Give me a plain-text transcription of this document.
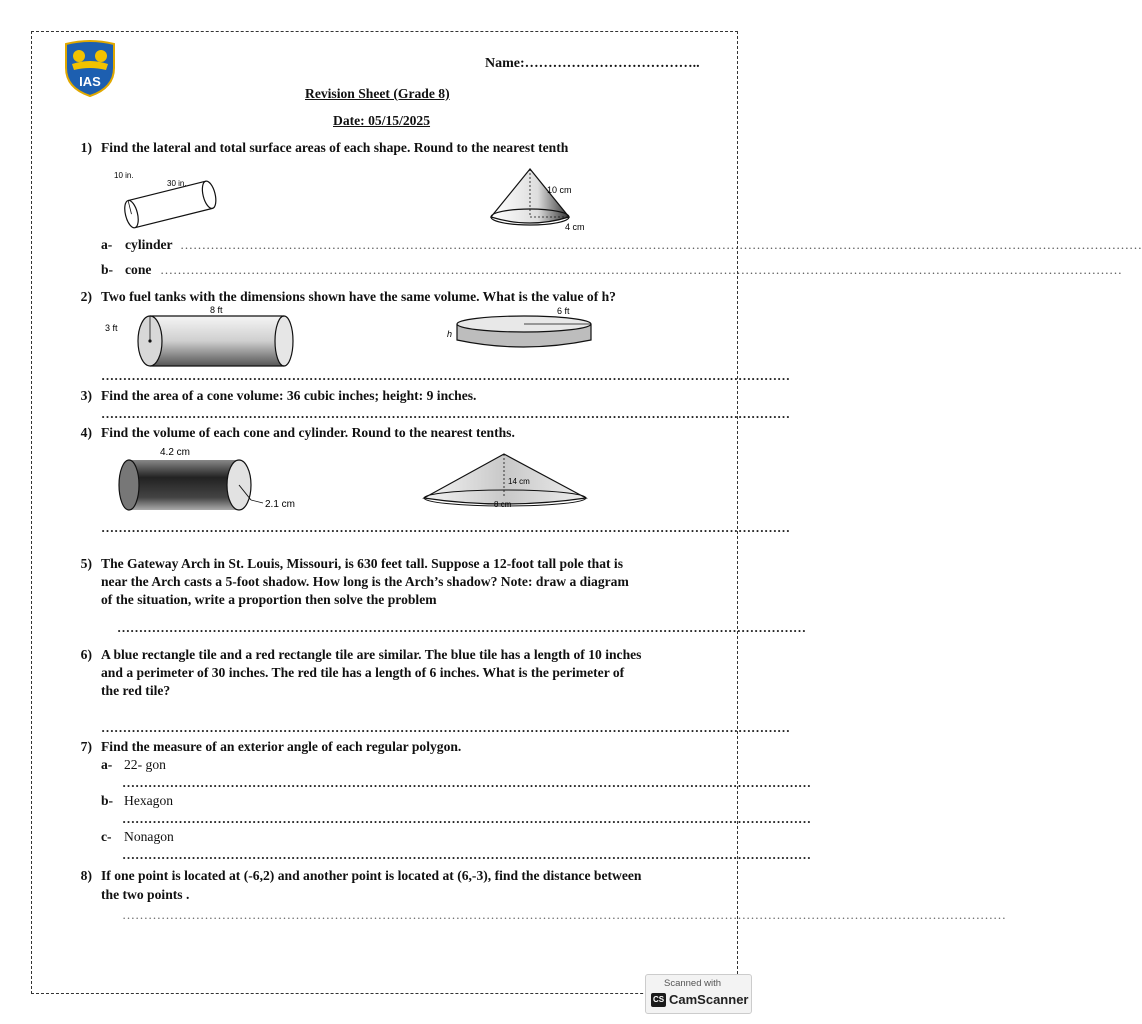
IAS
Name:………………………………..
Revision Sheet (Grade 8)
Date: 05/15/2025
1) Find the lateral and total surface areas of each shape. Round to the nearest tenth
10 in.
30 in.
10 cm
4 cm
a- cylinder ……………………………………………………………………………………………………………………………………………………………………………………………………
b- cone ……………………………………………………………………………………………………………………………………………………………………………………………………
2) Two fuel tanks with the dimensions shown have the same volume. What is the value of h?
8 ft
3 ft
6 ft
h
……………………………………………………………………………………………………………………………………………
3) Find the area of a cone volume: 36 cubic inches; height: 9 inches.
……………………………………………………………………………………………………………………………………………
4) Find the volume of each cone and cylinder. Round to the nearest tenths.
4.2 cm
2.1 cm
14 cm
8 cm
……………………………………………………………………………………………………………………………………………
5) The Gateway Arch in St. Louis, Missouri, is 630 feet tall. Suppose a 12-foot tall pole that is
near the Arch casts a 5-foot shadow. How long is the Arch’s shadow? Note: draw a diagram
of the situation, write a proportion then solve the problem
……………………………………………………………………………………………………………………………………………
6) A blue rectangle tile and a red rectangle tile are similar. The blue tile has a length of 10 inches
and a perimeter of 30 inches. The red tile has a length of 6 inches. What is the perimeter of
the red tile?
……………………………………………………………………………………………………………………………………………
7) Find the measure of an exterior angle of each regular polygon.
a- 22- gon
……………………………………………………………………………………………………………………………………………
b- Hexagon
……………………………………………………………………………………………………………………………………………
c- Nonagon
……………………………………………………………………………………………………………………………………………
8) If one point is located at (-6,2) and another point is located at (6,-3), find the distance between
the two points .
……………………………………………………………………………………………………………………………………………………………………………………
Scanned with
CS CamScanner
